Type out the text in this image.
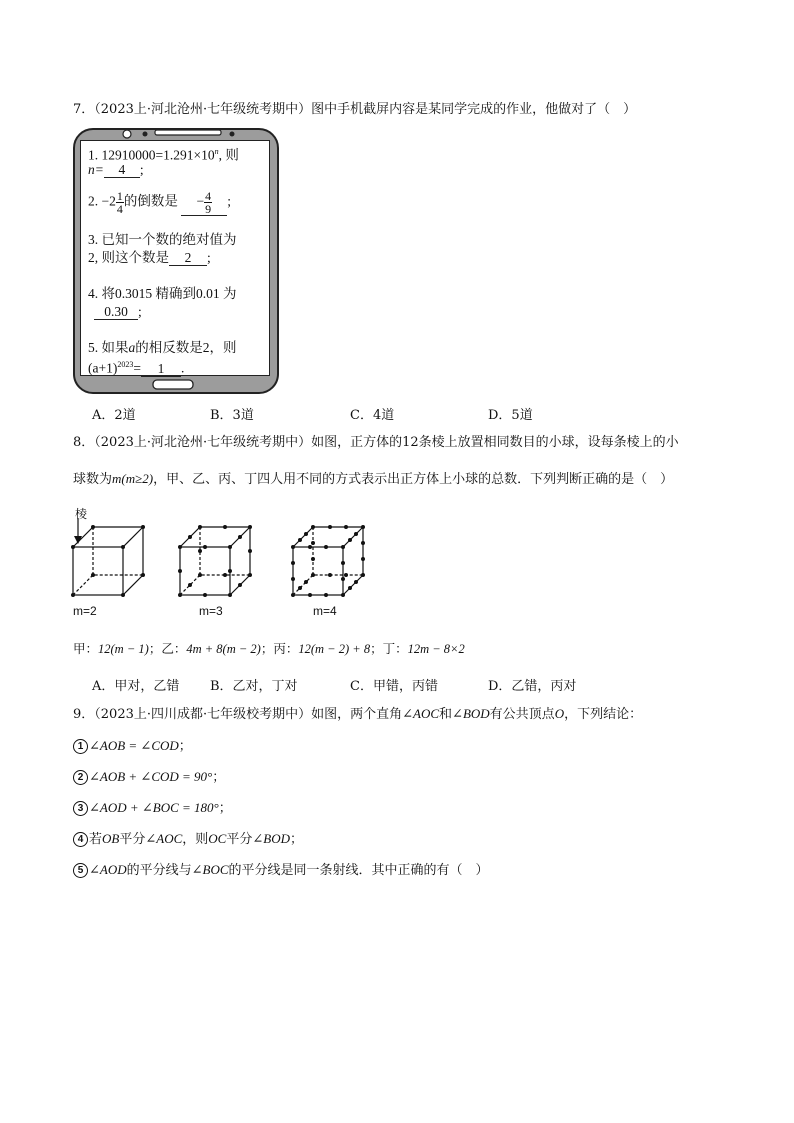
7．（2023上·河北沧州·七年级统考期中）图中手机截屏内容是某同学完成的作业，他做对了（　）
1. $12910000=1.291\times 10^n$, 则
n= 4 ;
2. $-2 \frac{1}{4}$ 的倒数是 − $\frac{4}{9}$ ;
3. 已知一个数的绝对值为
2, 则这个数是 2 ;
4. 将0.3015 精确到0.01 为
0.30 ;
5. 如果a的相反数是2，则
$(a+1)^{2023}= 1$ .
A．2道	B．3道	C．4道	D．5道
8．（2023上·河北沧州·七年级统考期中）如图，正方体的12条棱上放置相同数目的小球，设每条棱上的小
球数为m(m≥2)，甲、乙、丙、丁四人用不同的方式表示出正方体上小球的总数．下列判断正确的是（　）
棱
m=2	m=3	m=4
甲：12(m − 1)；乙：4m + 8(m − 2)；丙：12(m − 2) + 8；丁：12m − 8×2
A．甲对，乙错 B．乙对，丁对	C．甲错，丙错	D．乙错，丙对
9．（2023上·四川成都·七年级校考期中）如图，两个直角∠AOC和∠BOD有公共顶点O，下列结论：
1 ∠AOB = ∠COD；
2 ∠AOB + ∠COD = 90°；
3 ∠AOD + ∠BOC = 180°；
4 若OB平分∠AOC，则OC平分∠BOD；
5 ∠AOD的平分线与∠BOC的平分线是同一条射线．其中正确的有（　）
